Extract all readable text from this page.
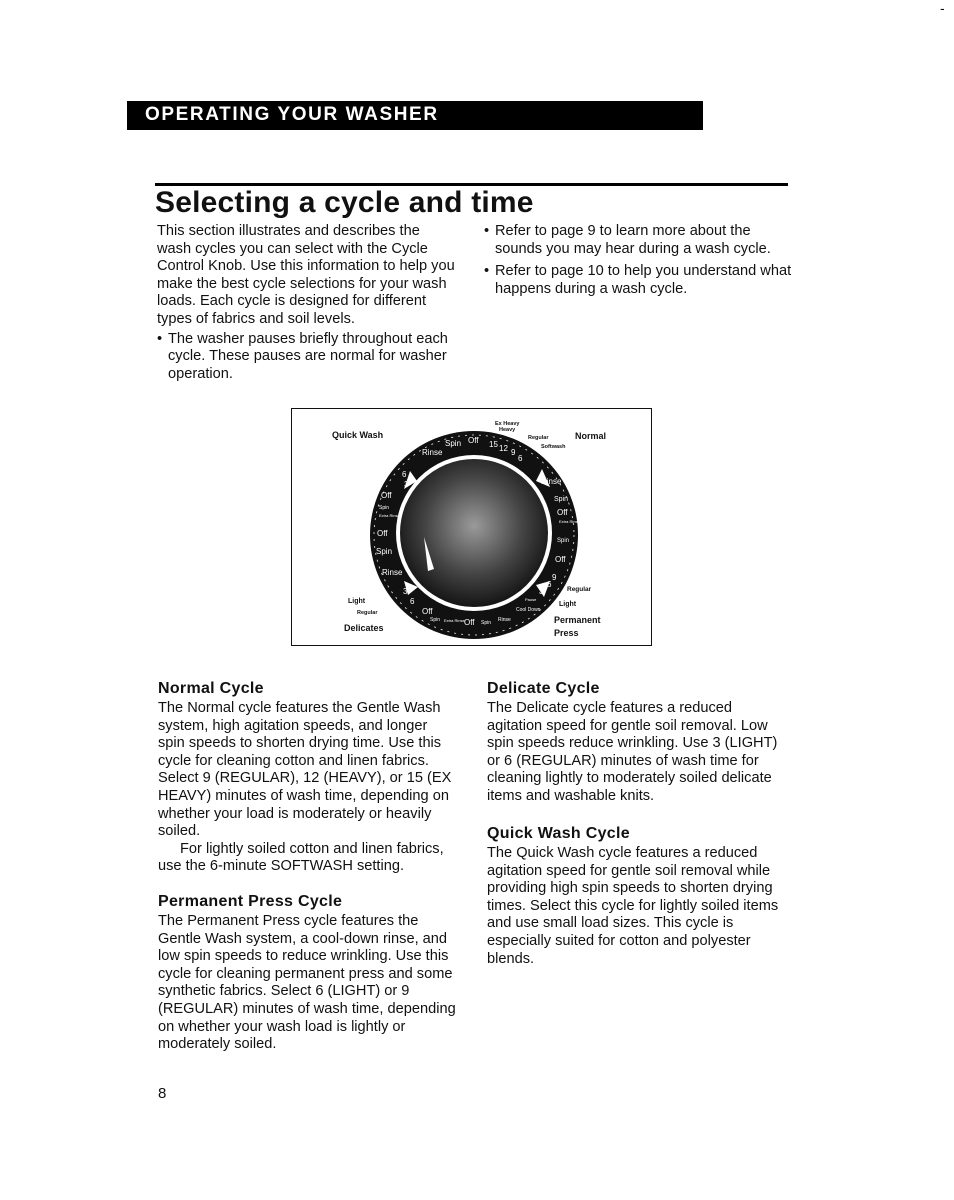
-
OPERATING YOUR WASHER
Selecting a cycle and time

This section illustrates and describes the wash cycles you can select with the Cycle Control Knob. Use this information to help you make the best cycle selections for your wash loads. Each cycle is designed for different types of fabrics and soil levels.

• The washer pauses briefly throughout each cycle. These pauses are normal for washer operation.

• Refer to page 9 to learn more about the sounds you may hear during a wash cycle.

• Refer to page 10 to help you understand what happens during a wash cycle.

Spin Off 15 12 9
6
Rinse
6
3
Off
Spin
Extra Rinse
Off
Spin
Rinse
3
6
Off
Spin Extra Rinse Off Spin Rinse
Cool Down
Pause
3
6
9
Rinse
Spin
Off
Extra Rinse
Spin
Off
Quick Wash	Normal
Ex Heavy
Heavy
Regular
Softwash
Light
Regular
Delicates
Regular
Light
Permanent
Press
Normal Cycle

The Normal cycle features the Gentle Wash system, high agitation speeds, and longer spin speeds to shorten drying time. Use this cycle for cleaning cotton and linen fabrics. Select 9 (REGULAR), 12 (HEAVY), or 15 (EX HEAVY) minutes of wash time, depending on whether your load is moderately or heavily soiled.

For lightly soiled cotton and linen fabrics, use the 6-minute SOFTWASH setting.

Permanent Press Cycle

The Permanent Press cycle features the Gentle Wash system, a cool-down rinse, and low spin speeds to reduce wrinkling. Use this cycle for cleaning permanent press and some synthetic fabrics. Select 6 (LIGHT) or 9 (REGULAR) minutes of wash time, depending on whether your wash load is lightly or moderately soiled.

Delicate Cycle

The Delicate cycle features a reduced agitation speed for gentle soil removal. Low spin speeds reduce wrinkling. Use 3 (LIGHT) or 6 (REGULAR) minutes of wash time for cleaning lightly to moderately soiled delicate items and washable knits.

Quick Wash Cycle

The Quick Wash cycle features a reduced agitation speed for gentle soil removal while providing high spin speeds to shorten drying times. Select this cycle for lightly soiled items and use small load sizes. This cycle is especially suited for cotton and polyester blends.

8
